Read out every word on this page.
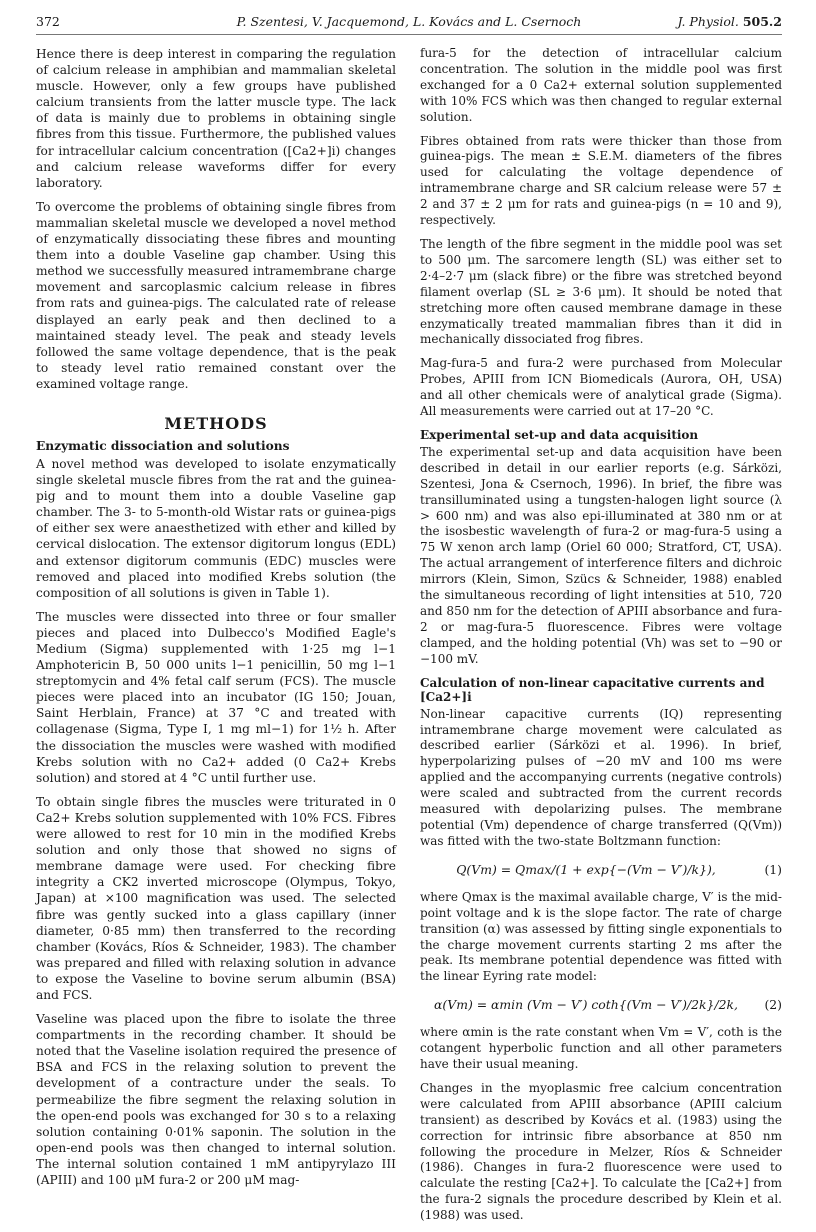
372	P. Szentesi, V. Jacquemond, L. Kovács and L. Csernoch	J. Physiol. 505.2

Hence there is deep interest in comparing the regulation of calcium release in amphibian and mammalian skeletal muscle. However, only a few groups have published calcium transients from the latter muscle type. The lack of data is mainly due to problems in obtaining single fibres from this tissue. Furthermore, the published values for intracellular calcium concentration ([Ca2+]i) changes and calcium release waveforms differ for every laboratory.

To overcome the problems of obtaining single fibres from mammalian skeletal muscle we developed a novel method of enzymatically dissociating these fibres and mounting them into a double Vaseline gap chamber. Using this method we successfully measured intramembrane charge movement and sarcoplasmic calcium release in fibres from rats and guinea-pigs. The calculated rate of release displayed an early peak and then declined to a maintained steady level. The peak and steady levels followed the same voltage dependence, that is the peak to steady level ratio remained constant over the examined voltage range.

METHODS
Enzymatic dissociation and solutions

A novel method was developed to isolate enzymatically single skeletal muscle fibres from the rat and the guinea-pig and to mount them into a double Vaseline gap chamber. The 3- to 5-month-old Wistar rats or guinea-pigs of either sex were anaesthetized with ether and killed by cervical dislocation. The extensor digitorum longus (EDL) and extensor digitorum communis (EDC) muscles were removed and placed into modified Krebs solution (the composition of all solutions is given in Table 1).

The muscles were dissected into three or four smaller pieces and placed into Dulbecco's Modified Eagle's Medium (Sigma) supplemented with 1·25 mg l−1 Amphotericin B, 50 000 units l−1 penicillin, 50 mg l−1 streptomycin and 4% fetal calf serum (FCS). The muscle pieces were placed into an incubator (IG 150; Jouan, Saint Herblain, France) at 37 °C and treated with collagenase (Sigma, Type I, 1 mg ml−1) for 1½ h. After the dissociation the muscles were washed with modified Krebs solution with no Ca2+ added (0 Ca2+ Krebs solution) and stored at 4 °C until further use.

To obtain single fibres the muscles were triturated in 0 Ca2+ Krebs solution supplemented with 10% FCS. Fibres were allowed to rest for 10 min in the modified Krebs solution and only those that showed no signs of membrane damage were used. For checking fibre integrity a CK2 inverted microscope (Olympus, Tokyo, Japan) at ×100 magnification was used. The selected fibre was gently sucked into a glass capillary (inner diameter, 0·85 mm) then transferred to the recording chamber (Kovács, Ríos & Schneider, 1983). The chamber was prepared and filled with relaxing solution in advance to expose the Vaseline to bovine serum albumin (BSA) and FCS.

Vaseline was placed upon the fibre to isolate the three compartments in the recording chamber. It should be noted that the Vaseline isolation required the presence of BSA and FCS in the relaxing solution to prevent the development of a contracture under the seals. To permeabilize the fibre segment the relaxing solution in the open-end pools was exchanged for 30 s to a relaxing solution containing 0·01% saponin. The solution in the open-end pools was then changed to internal solution. The internal solution contained 1 mM antipyrylazo III (APIII) and 100 μM fura-2 or 200 μM mag-

fura-5 for the detection of intracellular calcium concentration. The solution in the middle pool was first exchanged for a 0 Ca2+ external solution supplemented with 10% FCS which was then changed to regular external solution.

Fibres obtained from rats were thicker than those from guinea-pigs. The mean ± S.E.M. diameters of the fibres used for calculating the voltage dependence of intramembrane charge and SR calcium release were 57 ± 2 and 37 ± 2 μm for rats and guinea-pigs (n = 10 and 9), respectively.

The length of the fibre segment in the middle pool was set to 500 μm. The sarcomere length (SL) was either set to 2·4–2·7 μm (slack fibre) or the fibre was stretched beyond filament overlap (SL ≥ 3·6 μm). It should be noted that stretching more often caused membrane damage in these enzymatically treated mammalian fibres than it did in mechanically dissociated frog fibres.

Mag-fura-5 and fura-2 were purchased from Molecular Probes, APIII from ICN Biomedicals (Aurora, OH, USA) and all other chemicals were of analytical grade (Sigma). All measurements were carried out at 17–20 °C.

Experimental set-up and data acquisition

The experimental set-up and data acquisition have been described in detail in our earlier reports (e.g. Sárközi, Szentesi, Jona & Csernoch, 1996). In brief, the fibre was transilluminated using a tungsten-halogen light source (λ > 600 nm) and was also epi-illuminated at 380 nm or at the isosbestic wavelength of fura-2 or mag-fura-5 using a 75 W xenon arch lamp (Oriel 60 000; Stratford, CT, USA). The actual arrangement of interference filters and dichroic mirrors (Klein, Simon, Szücs & Schneider, 1988) enabled the simultaneous recording of light intensities at 510, 720 and 850 nm for the detection of APIII absorbance and fura-2 or mag-fura-5 fluorescence. Fibres were voltage clamped, and the holding potential (Vh) was set to −90 or −100 mV.

Calculation of non-linear capacitative currents and [Ca2+]i

Non-linear capacitive currents (IQ) representing intramembrane charge movement were calculated as described earlier (Sárközi et al. 1996). In brief, hyperpolarizing pulses of −20 mV and 100 ms were applied and the accompanying currents (negative controls) were scaled and subtracted from the current records measured with depolarizing pulses. The membrane potential (Vm) dependence of charge transferred (Q(Vm)) was fitted with the two-state Boltzmann function:

Q(Vm) = Qmax/(1 + exp{−(Vm − V′)/k}),	(1)

where Qmax is the maximal available charge, V′ is the mid-point voltage and k is the slope factor. The rate of charge transition (α) was assessed by fitting single exponentials to the charge movement currents starting 2 ms after the peak. Its membrane potential dependence was fitted with the linear Eyring rate model:

α(Vm) = αmin (Vm − V′) coth{(Vm − V′)/2k}/2k,	(2)

where αmin is the rate constant when Vm = V′, coth is the cotangent hyperbolic function and all other parameters have their usual meaning.

Changes in the myoplasmic free calcium concentration were calculated from APIII absorbance (APIII calcium transient) as described by Kovács et al. (1983) using the correction for intrinsic fibre absorbance at 850 nm following the procedure in Melzer, Ríos & Schneider (1986). Changes in fura-2 fluorescence were used to calculate the resting [Ca2+]. To calculate the [Ca2+] from the fura-2 signals the procedure described by Klein et al. (1988) was used.
